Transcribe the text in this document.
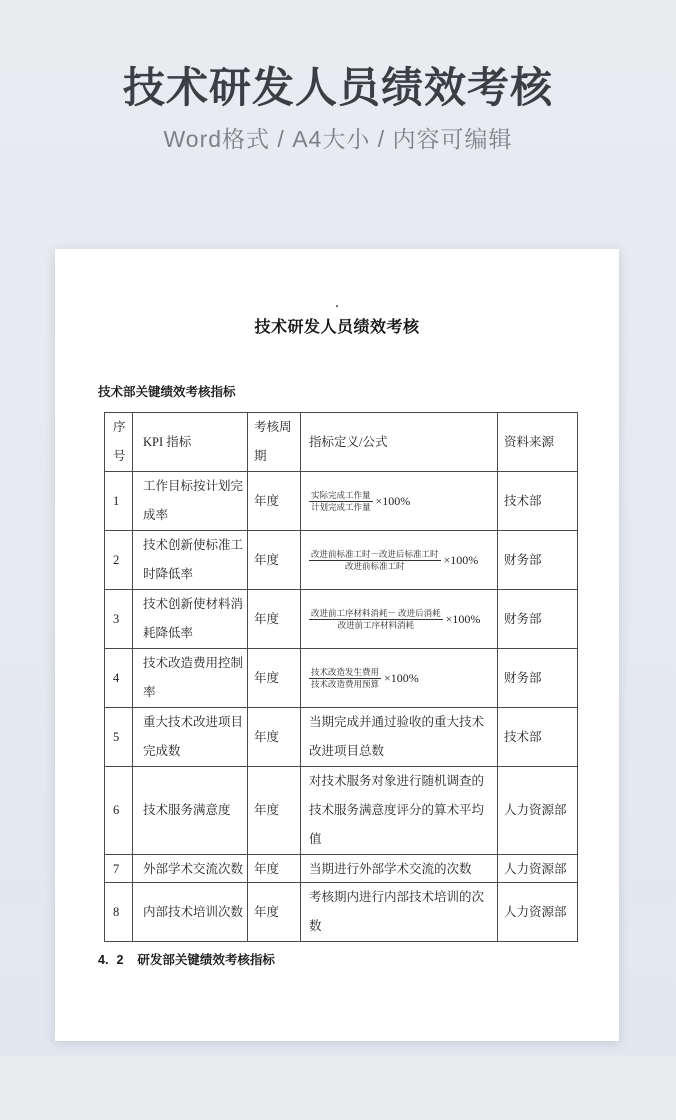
技术研发人员绩效考核
Word格式 / A4大小 / 内容可编辑
.
技术研发人员绩效考核
技术部关键绩效考核指标
序号	KPI 指标	考核周期	指标定义/公式	资料来源
1	工作目标按计划完成率	年度	$\frac{\text{实际完成工作量}}{\text{计划完成工作量}} \times 100\%$	技术部
2	技术创新使标准工时降低率	年度	$\frac{\text{改进前标准工时－改进后标准工时}}{\text{改进前标准工时}} \times 100\%$	财务部
3	技术创新使材料消耗降低率	年度	$\frac{\text{改进前工序材料消耗－ 改进后消耗}}{\text{改进前工序材料消耗}} \times 100\%$	财务部
4	技术改造费用控制率	年度	$\frac{\text{技术改造发生费用}}{\text{技术改造费用预算}} \times 100\%$	财务部
5	重大技术改进项目完成数	年度	当期完成并通过验收的重大技术改进项目总数	技术部
6	技术服务满意度	年度	对技术服务对象进行随机调查的技术服务满意度评分的算术平均值	人力资源部
7	外部学术交流次数	年度	当期进行外部学术交流的次数	人力资源部
8	内部技术培训次数	年度	考核期内进行内部技术培训的次数	人力资源部
4. 2 研发部关键绩效考核指标
